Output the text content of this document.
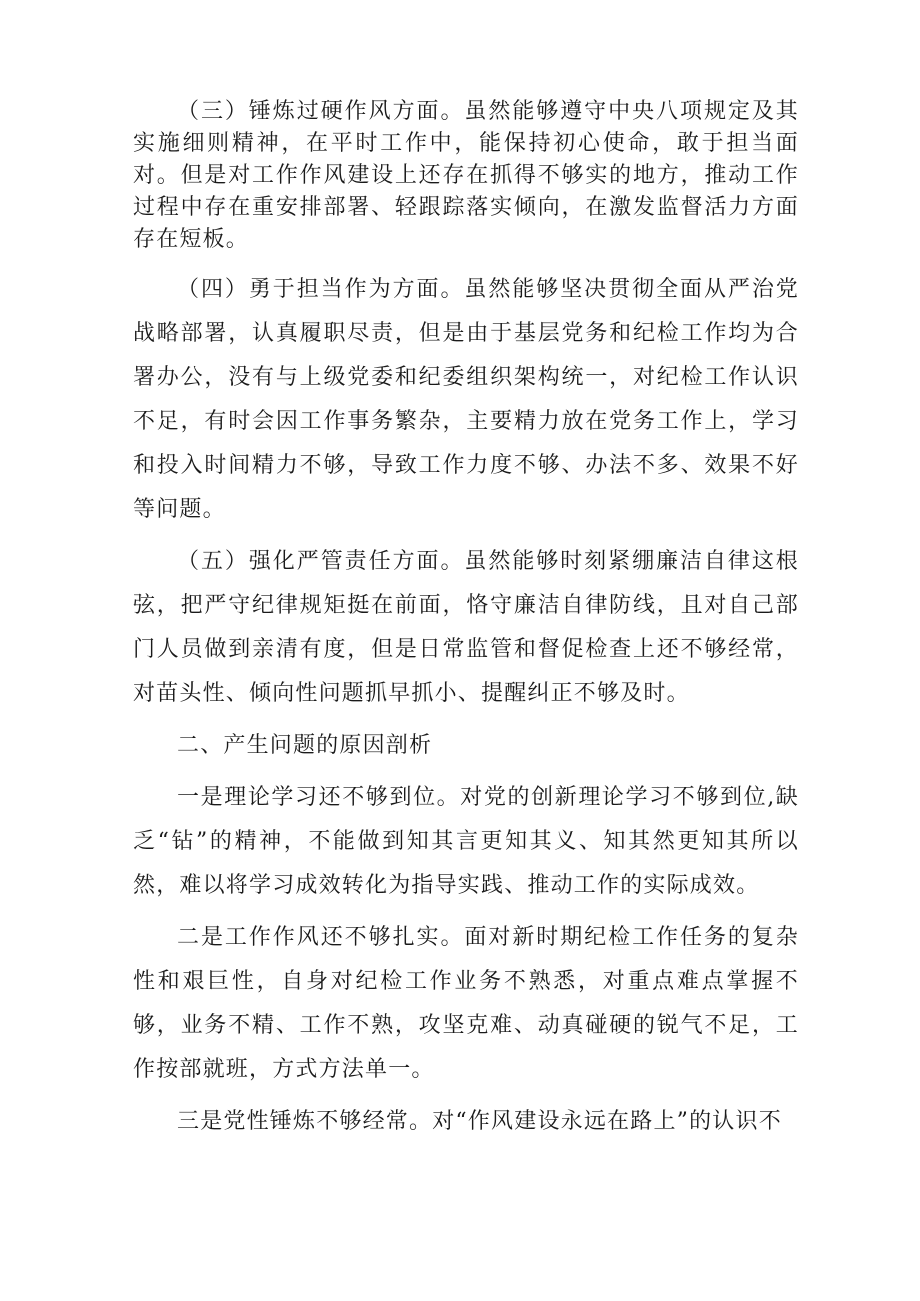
（三）锤炼过硬作风方面。虽然能够遵守中央八项规定及其实施细则精神，在平时工作中，能保持初心使命，敢于担当面对。但是对工作作风建设上还存在抓得不够实的地方，推动工作过程中存在重安排部署、轻跟踪落实倾向，在激发监督活力方面存在短板。

（四）勇于担当作为方面。虽然能够坚决贯彻全面从严治党战略部署，认真履职尽责，但是由于基层党务和纪检工作均为合署办公，没有与上级党委和纪委组织架构统一，对纪检工作认识不足，有时会因工作事务繁杂，主要精力放在党务工作上，学习和投入时间精力不够，导致工作力度不够、办法不多、效果不好等问题。

（五）强化严管责任方面。虽然能够时刻紧绷廉洁自律这根弦，把严守纪律规矩挺在前面，恪守廉洁自律防线，且对自己部门人员做到亲清有度，但是日常监管和督促检查上还不够经常，对苗头性、倾向性问题抓早抓小、提醒纠正不够及时。

二、产生问题的原因剖析

一是理论学习还不够到位。对党的创新理论学习不够到位,缺乏“钻”的精神，不能做到知其言更知其义、知其然更知其所以然，难以将学习成效转化为指导实践、推动工作的实际成效。

二是工作作风还不够扎实。面对新时期纪检工作任务的复杂性和艰巨性，自身对纪检工作业务不熟悉，对重点难点掌握不够，业务不精、工作不熟，攻坚克难、动真碰硬的锐气不足，工作按部就班，方式方法单一。

三是党性锤炼不够经常。对“作风建设永远在路上”的认识不
